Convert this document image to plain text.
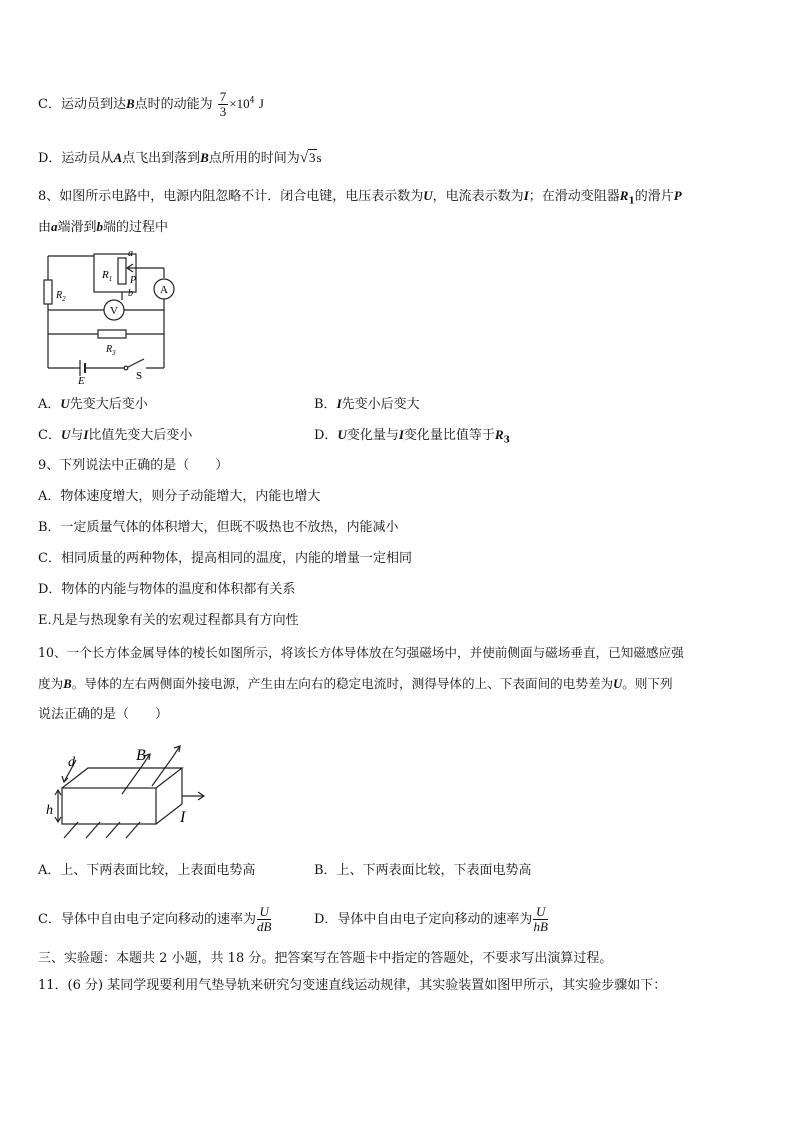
C．运动员到达B点时的动能为 $\frac{7}{3} \times 10^4$ J
D．运动员从A点飞出到落到B点所用的时间为√3s
8、如图所示电路中，电源内阻忽略不计．闭合电键，电压表示数为U，电流表示数为I；在滑动变阻器$R_1$的滑片P
由a端滑到b端的过程中
$R_1$
a
P
b A
$R_2$
V
$R_3$
E	S
A．U先变大后变小	B．I先变小后变大
C．U与I比值先变大后变小	D．U变化量与I变化量比值等于$R_3$
9、下列说法中正确的是（　　）
A．物体速度增大，则分子动能增大，内能也增大
B．一定质量气体的体积增大，但既不吸热也不放热，内能减小
C．相同质量的两种物体，提高相同的温度，内能的增量一定相同
D．物体的内能与物体的温度和体积都有关系
E.凡是与热现象有关的宏观过程都具有方向性
10、一个长方体金属导体的棱长如图所示，将该长方体导体放在匀强磁场中，并使前侧面与磁场垂直，已知磁感应强
度为B。导体的左右两侧面外接电源，产生由左向右的稳定电流时，测得导体的上、下表面间的电势差为U。则下列
说法正确的是（　　）
d	B
h	I
A．上、下两表面比较，上表面电势高	B．上、下两表面比较，下表面电势高
C．导体中自由电子定向移动的速率为 $\frac{U}{dB}$	D．导体中自由电子定向移动的速率为 $\frac{U}{hB}$
三、实验题：本题共 2 小题，共 18 分。把答案写在答题卡中指定的答题处，不要求写出演算过程。
11．(6 分) 某同学现要利用气垫导轨来研究匀变速直线运动规律，其实验装置如图甲所示，其实验步骤如下：
